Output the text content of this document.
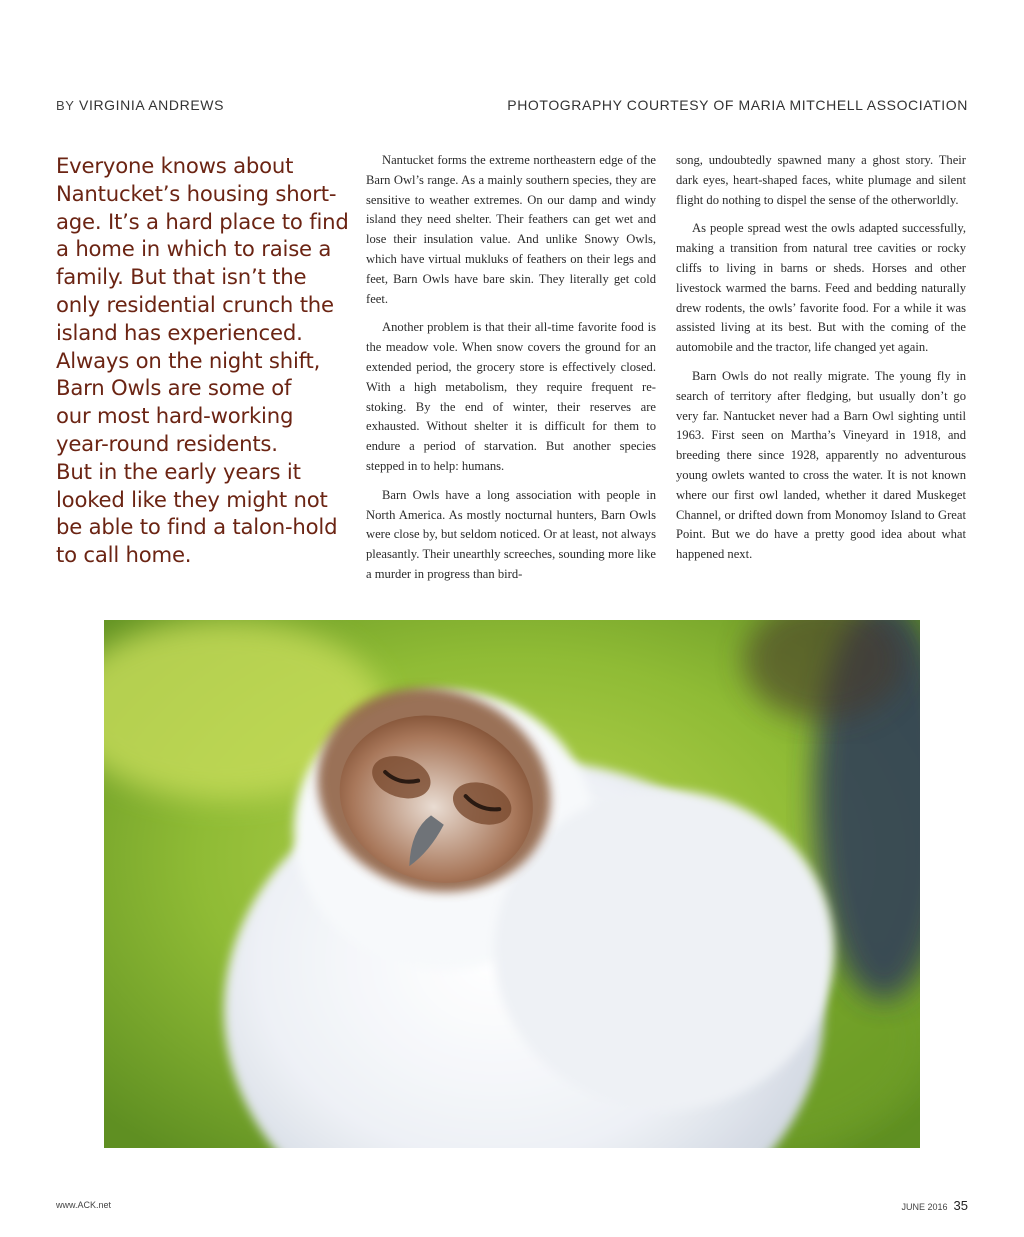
BY VIRGINIA ANDREWS	PHOTOGRAPHY COURTESY OF MARIA MITCHELL ASSOCIATION
Everyone knows about
Nantucket’s housing short-
age. It’s a hard place to find
a home in which to raise a
family. But that isn’t the
only residential crunch the
island has experienced.
Always on the night shift,
Barn Owls are some of
our most hard-working
year-round residents.
But in the early years it
looked like they might not
be able to find a talon-hold
to call home.

Nantucket forms the extreme northeastern edge of the Barn Owl’s range. As a mainly southern species, they are sensitive to weather extremes. On our damp and windy island they need shelter. Their feathers can get wet and lose their insulation value. And unlike Snowy Owls, which have virtual mukluks of feathers on their legs and feet, Barn Owls have bare skin. They literally get cold feet.

Another problem is that their all-time favorite food is the meadow vole. When snow covers the ground for an extended period, the grocery store is effectively closed. With a high metabolism, they require frequent re-stoking. By the end of winter, their reserves are exhausted. Without shelter it is difficult for them to endure a period of starvation. But another species stepped in to help: humans.

Barn Owls have a long association with people in North America. As mostly nocturnal hunters, Barn Owls were close by, but seldom noticed. Or at least, not always pleasantly. Their unearthly screeches, sounding more like a murder in progress than bird-

song, undoubtedly spawned many a ghost story. Their dark eyes, heart-shaped faces, white plumage and silent flight do nothing to dispel the sense of the otherworldly.

As people spread west the owls adapted successfully, making a transition from natural tree cavities or rocky cliffs to living in barns or sheds. Horses and other livestock warmed the barns. Feed and bedding naturally drew rodents, the owls’ favorite food. For a while it was assisted living at its best. But with the coming of the automobile and the tractor, life changed yet again.

Barn Owls do not really migrate. The young fly in search of territory after fledging, but usually don’t go very far. Nantucket never had a Barn Owl sighting until 1963. First seen on Martha’s Vineyard in 1918, and breeding there since 1928, apparently no adventurous young owlets wanted to cross the water. It is not known where our first owl landed, whether it dared Muskeget Channel, or drifted down from Monomoy Island to Great Point. But we do have a pretty good idea about what happened next.

www.ACK.net	JUNE 2016 35
